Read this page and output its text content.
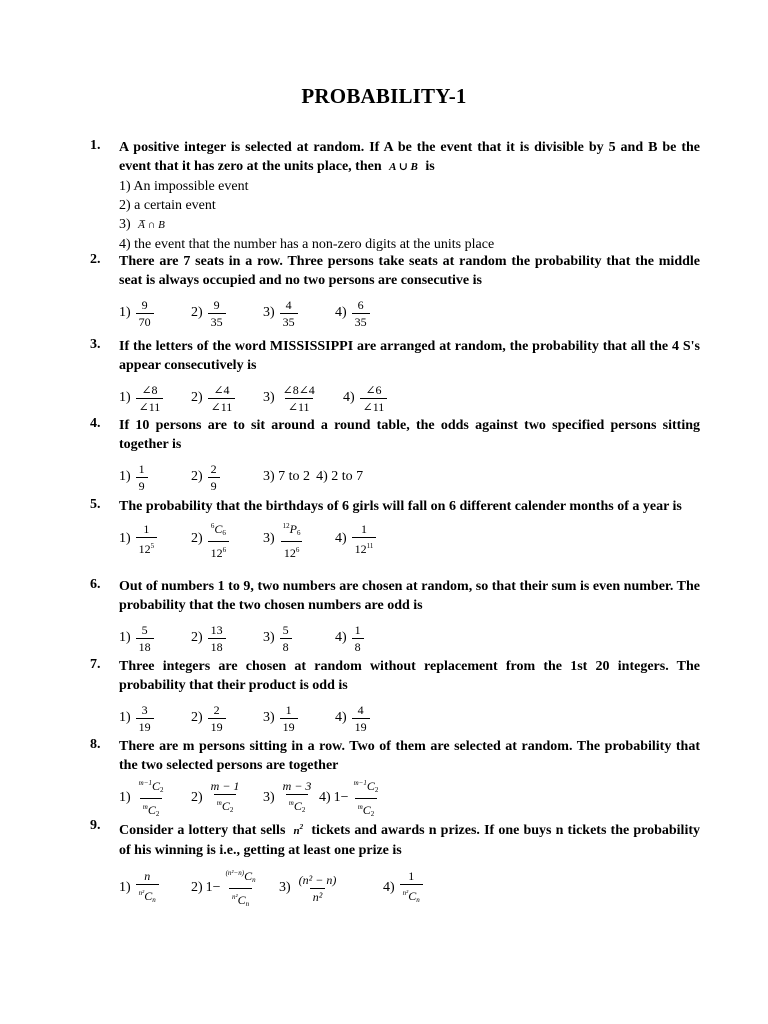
PROBABILITY-1
1. A positive integer is selected at random. If A be the event that it is divisible by 5 and B be the event that it has zero at the units place, then A ∪ B is
1) An impossible event
2) a certain event
3) A̅ ∩ B
4) the event that the number has a non-zero digits at the units place
2. There are 7 seats in a row. Three persons take seats at random the probability that the middle seat is always occupied and no two persons are consecutive is
$1) \frac{9}{70}$	$2) \frac{9}{35}$	$3) \frac{4}{35}$	$4) \frac{6}{35}$
3. If the letters of the word MISSISSIPPI are arranged at random, the probability that all the 4 S's appear consecutively is
$1) \frac{\angle 8}{\angle 11} 2) \frac{\angle 4}{\angle 11} 3) \frac{\angle 8\angle 4}{\angle 11} 4) \frac{\angle 6}{\angle 11}$
4. If 10 persons are to sit around a round table, the odds against two specified persons sitting together is
$1) \frac{1}{9}$	$2) \frac{2}{9}$	3) 7 to 2 4) 2 to 7
5. The probability that the birthdays of 6 girls will fall on 6 different calender months of a year is
$1) \frac{1}{12^5} 2) \frac{^6C_6}{12^6} 3) \frac{^{12}P_6}{12^6} 4) \frac{1}{12^{11}}$
6. Out of numbers 1 to 9, two numbers are chosen at random, so that their sum is even number. The probability that the two chosen numbers are odd is
$1) \frac{5}{18}$	$2) \frac{13}{18}$	$3) \frac{5}{8}$	$4) \frac{1}{8}$
7. Three integers are chosen at random without replacement from the 1st 20 integers. The probability that their product is odd is
$1) \frac{3}{19}$	$2) \frac{2}{19}$	$3) \frac{1}{19}$	$4) \frac{4}{19}$
8. There are m persons sitting in a row. Two of them are selected at random. The probability that the two selected persons are together
$1) \frac{^{m-1}C_2}{^mC_2} 2) \frac{m - 1}{^mC_2} 3) \frac{m - 3}{^mC_2} 4$) $1- \frac{^{m-1}C_2}{^mC_2}$
9. Consider a lottery that sells $n^2$ tickets and awards n prizes. If one buys n tickets the probability of his winning is i.e., getting at least one prize is
$1) \frac{n}{^{n^2}C_n} 2$) $1- \frac{^{(n^2-n)}C_n}{^{n^2}C_n} 3) \frac{\text{(n² − n)}}{\text{n²}}$	$4) \frac{1}{^{n^2}C_n}$
